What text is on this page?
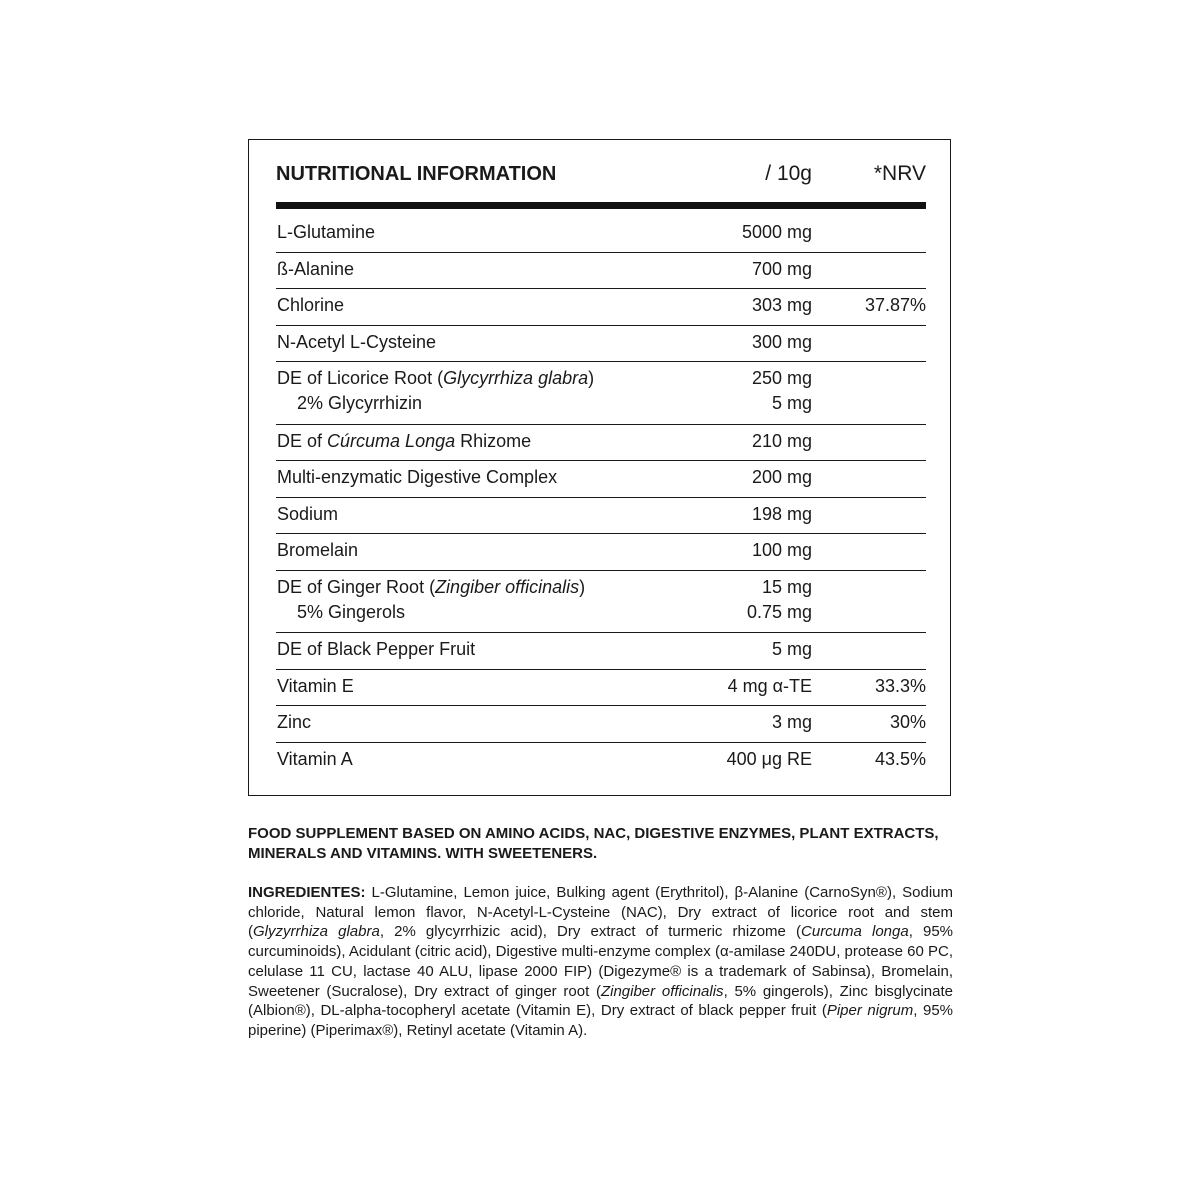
NUTRITIONAL INFORMATION	/ 10g	*NRV
L-Glutamine	5000 mg
ß-Alanine	700 mg
Chlorine	303 mg	37.87%
N-Acetyl L-Cysteine	300 mg
DE of Licorice Root (Glycyrrhiza glabra)	250 mg
2% Glycyrrhizin	5 mg
DE of Cúrcuma Longa Rhizome	210 mg
Multi-enzymatic Digestive Complex	200 mg
Sodium	198 mg
Bromelain	100 mg
DE of Ginger Root (Zingiber officinalis)	15 mg
5% Gingerols	0.75 mg
DE of Black Pepper Fruit	5 mg
Vitamin E	4 mg α-TE	33.3%
Zinc	3 mg	30%
Vitamin A	400 μg RE	43.5%
FOOD SUPPLEMENT BASED ON AMINO ACIDS, NAC, DIGESTIVE ENZYMES, PLANT EXTRACTS, MINERALS AND VITAMINS. WITH SWEETENERS.
INGREDIENTES: L-Glutamine, Lemon juice, Bulking agent (Erythritol), β-Alanine (CarnoSyn®), Sodium chloride, Natural lemon flavor, N-Acetyl-L-Cysteine (NAC), Dry extract of licorice root and stem (Glyzyrrhiza glabra, 2% glycyrrhizic acid), Dry extract of turmeric rhizome (Curcuma longa, 95% curcuminoids), Acidulant (citric acid), Digestive multi-enzyme complex (α-amilase 240DU, protease 60 PC, celulase 11 CU, lactase 40 ALU, lipase 2000 FIP) (Digezyme® is a trademark of Sabinsa), Bromelain, Sweetener (Sucralose), Dry extract of ginger root (Zingiber officinalis, 5% gingerols), Zinc bisglycinate (Albion®), DL-alpha-tocopheryl acetate (Vitamin E), Dry extract of black pepper fruit (Piper nigrum, 95% piperine) (Piperimax®), Retinyl acetate (Vitamin A).
